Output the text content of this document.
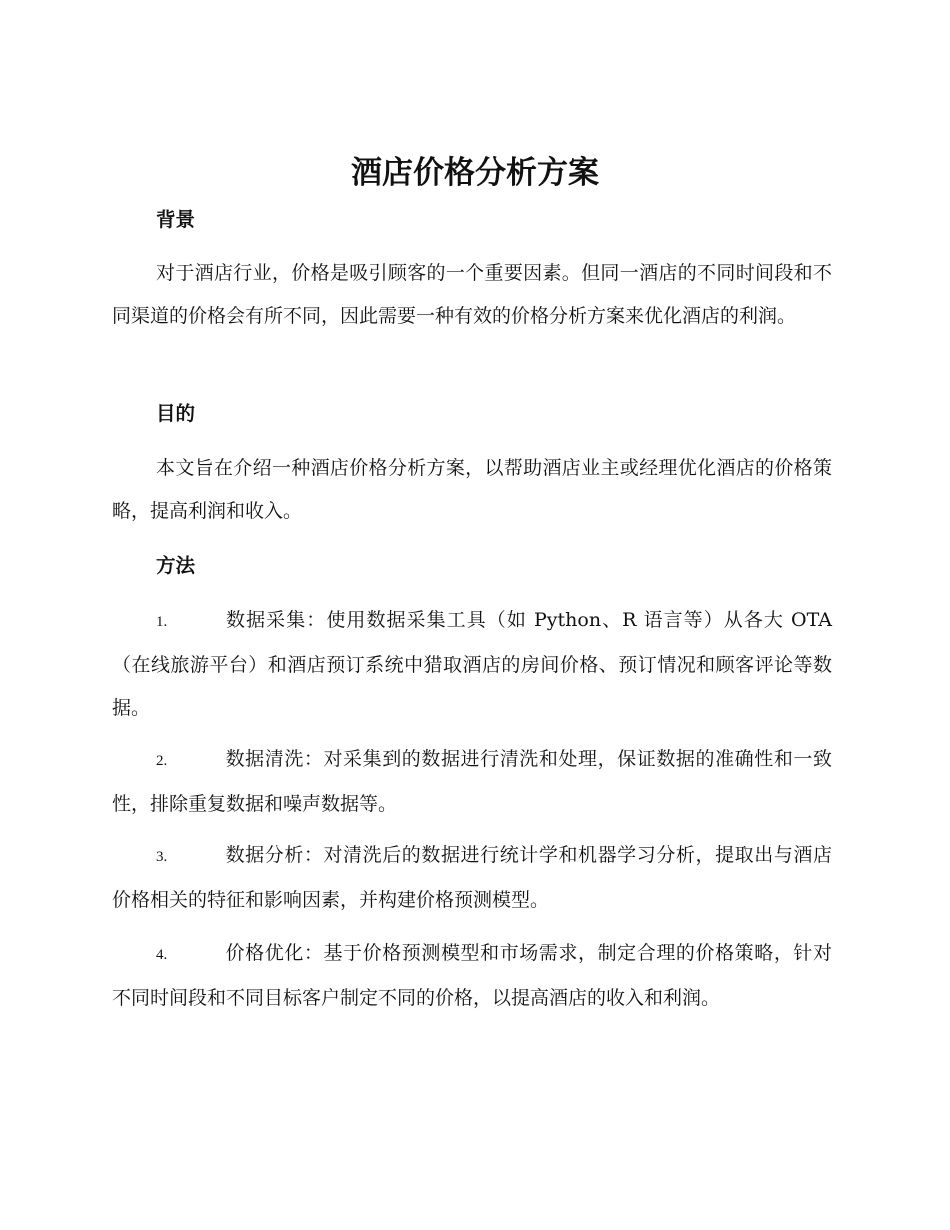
酒店价格分析方案
背景

对于酒店行业，价格是吸引顾客的一个重要因素。但同一酒店的不同时间段和不同渠道的价格会有所不同，因此需要一种有效的价格分析方案来优化酒店的利润。

目的

本文旨在介绍一种酒店价格分析方案，以帮助酒店业主或经理优化酒店的价格策略，提高利润和收入。

方法

1.	数据采集：使用数据采集工具（如 Python、R 语言等）从各大 OTA（在线旅游平台）和酒店预订系统中猎取酒店的房间价格、预订情况和顾客评论等数据。

2.	数据清洗：对采集到的数据进行清洗和处理，保证数据的准确性和一致性，排除重复数据和噪声数据等。

3.	数据分析：对清洗后的数据进行统计学和机器学习分析，提取出与酒店价格相关的特征和影响因素，并构建价格预测模型。

4.	价格优化：基于价格预测模型和市场需求，制定合理的价格策略，针对不同时间段和不同目标客户制定不同的价格，以提高酒店的收入和利润。
